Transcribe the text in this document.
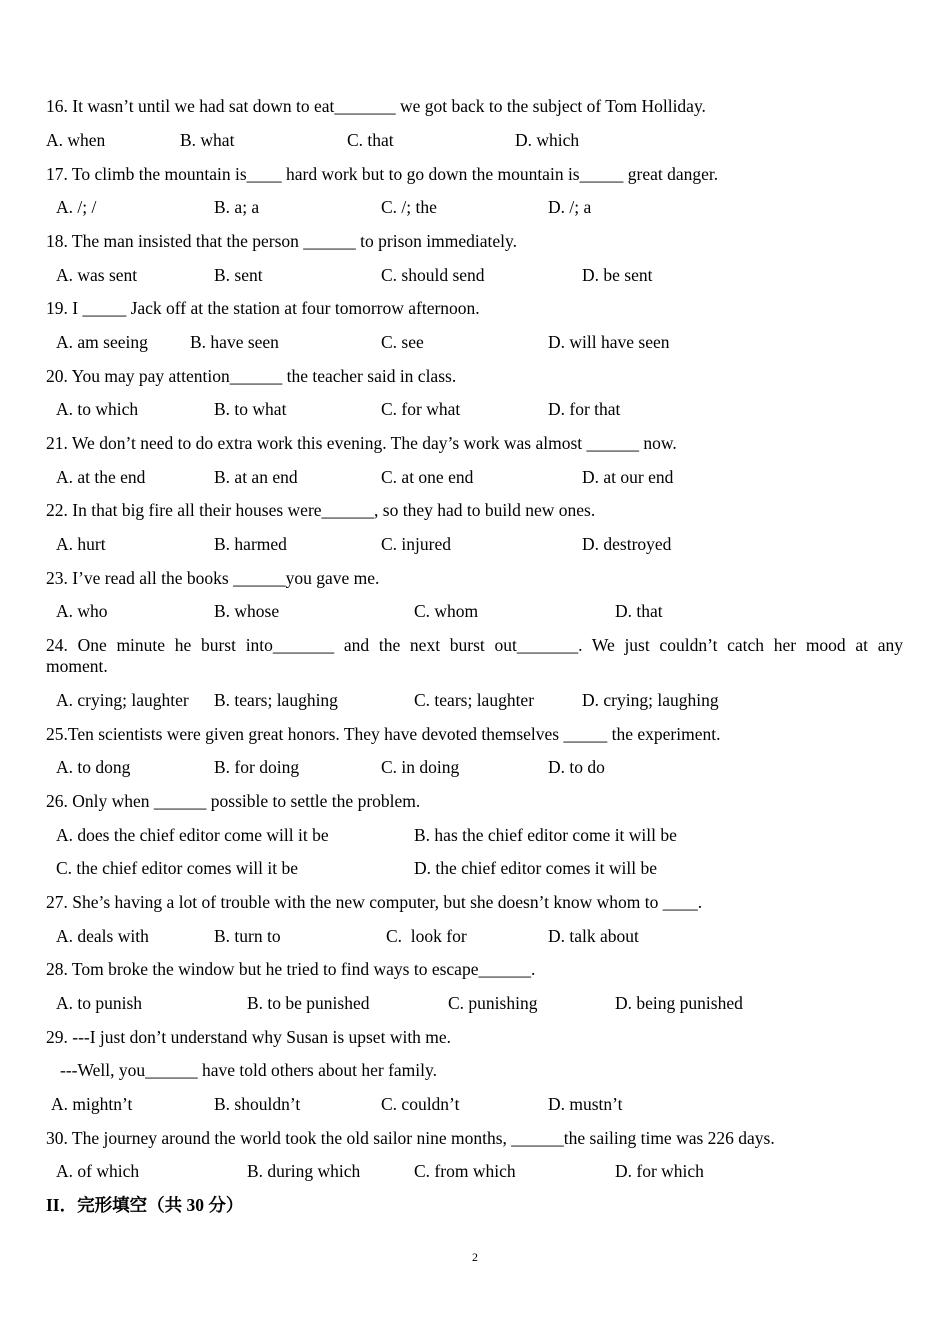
16. It wasn’t until we had sat down to eat_______ we got back to the subject of Tom Holliday.
A. when	B. what	C. that	D. which
17. To climb the mountain is____ hard work but to go down the mountain is_____ great danger.
A. /; /	B. a; a	C. /; the	D. /; a
18. The man insisted that the person ______ to prison immediately.
A. was sent	B. sent	C. should send	D. be sent
19. I _____ Jack off at the station at four tomorrow afternoon.
A. am seeing B. have seen	C. see	D. will have seen
20. You may pay attention______ the teacher said in class.
A. to which	B. to what	C. for what	D. for that
21. We don’t need to do extra work this evening. The day’s work was almost ______ now.
A. at the end	B. at an end	C. at one end	D. at our end
22. In that big fire all their houses were______, so they had to build new ones.
A. hurt	B. harmed	C. injured	D. destroyed
23. I’ve read all the books ______you gave me.
A. who	B. whose	C. whom	D. that
24. One minute he burst into_______ and the next burst out_______. We just couldn’t catch her mood at any
moment.
A. crying; laughter B. tears; laughing	C. tears; laughter	D. crying; laughing
25.Ten scientists were given great honors. They have devoted themselves _____ the experiment.
A. to dong	B. for doing	C. in doing	D. to do
26. Only when ______ possible to settle the problem.
A. does the chief editor come will it be	B. has the chief editor come it will be
C. the chief editor comes will it be	D. the chief editor comes it will be
27. She’s having a lot of trouble with the new computer, but she doesn’t know whom to ____.
A. deals with	B. turn to	C.  look for	D. talk about
28. Tom broke the window but he tried to find ways to escape______.
A. to punish	B. to be punished	C. punishing	D. being punished
29. ---I just don’t understand why Susan is upset with me.
---Well, you______ have told others about her family.
A. mightn’t	B. shouldn’t	C. couldn’t	D. mustn’t
30. The journey around the world took the old sailor nine months, ______the sailing time was 226 days.
A. of which	B. during which	C. from which	D. for which
II．完形填空（共 30 分）
2
